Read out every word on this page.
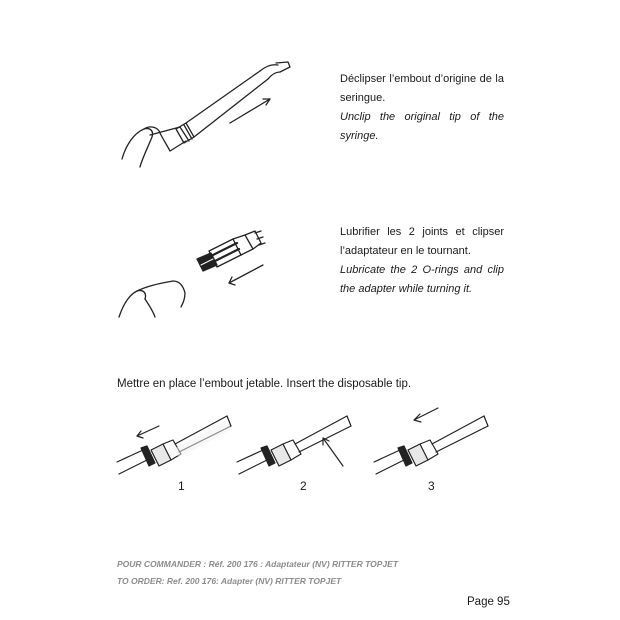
Déclipser l’embout d’origine de la seringue.
Unclip the original tip of the syringe.
Lubrifier les 2 joints et clipser l’adaptateur en le tournant.
Lubricate the 2 O-rings and clip the adapter while turning it.
Mettre en place l’embout jetable. Insert the disposable tip.
1	2	3
POUR COMMANDER : Réf. 200 176 : Adaptateur (NV) RITTER TOPJET
TO ORDER: Ref. 200 176: Adapter (NV) RITTER TOPJET
Page 95
